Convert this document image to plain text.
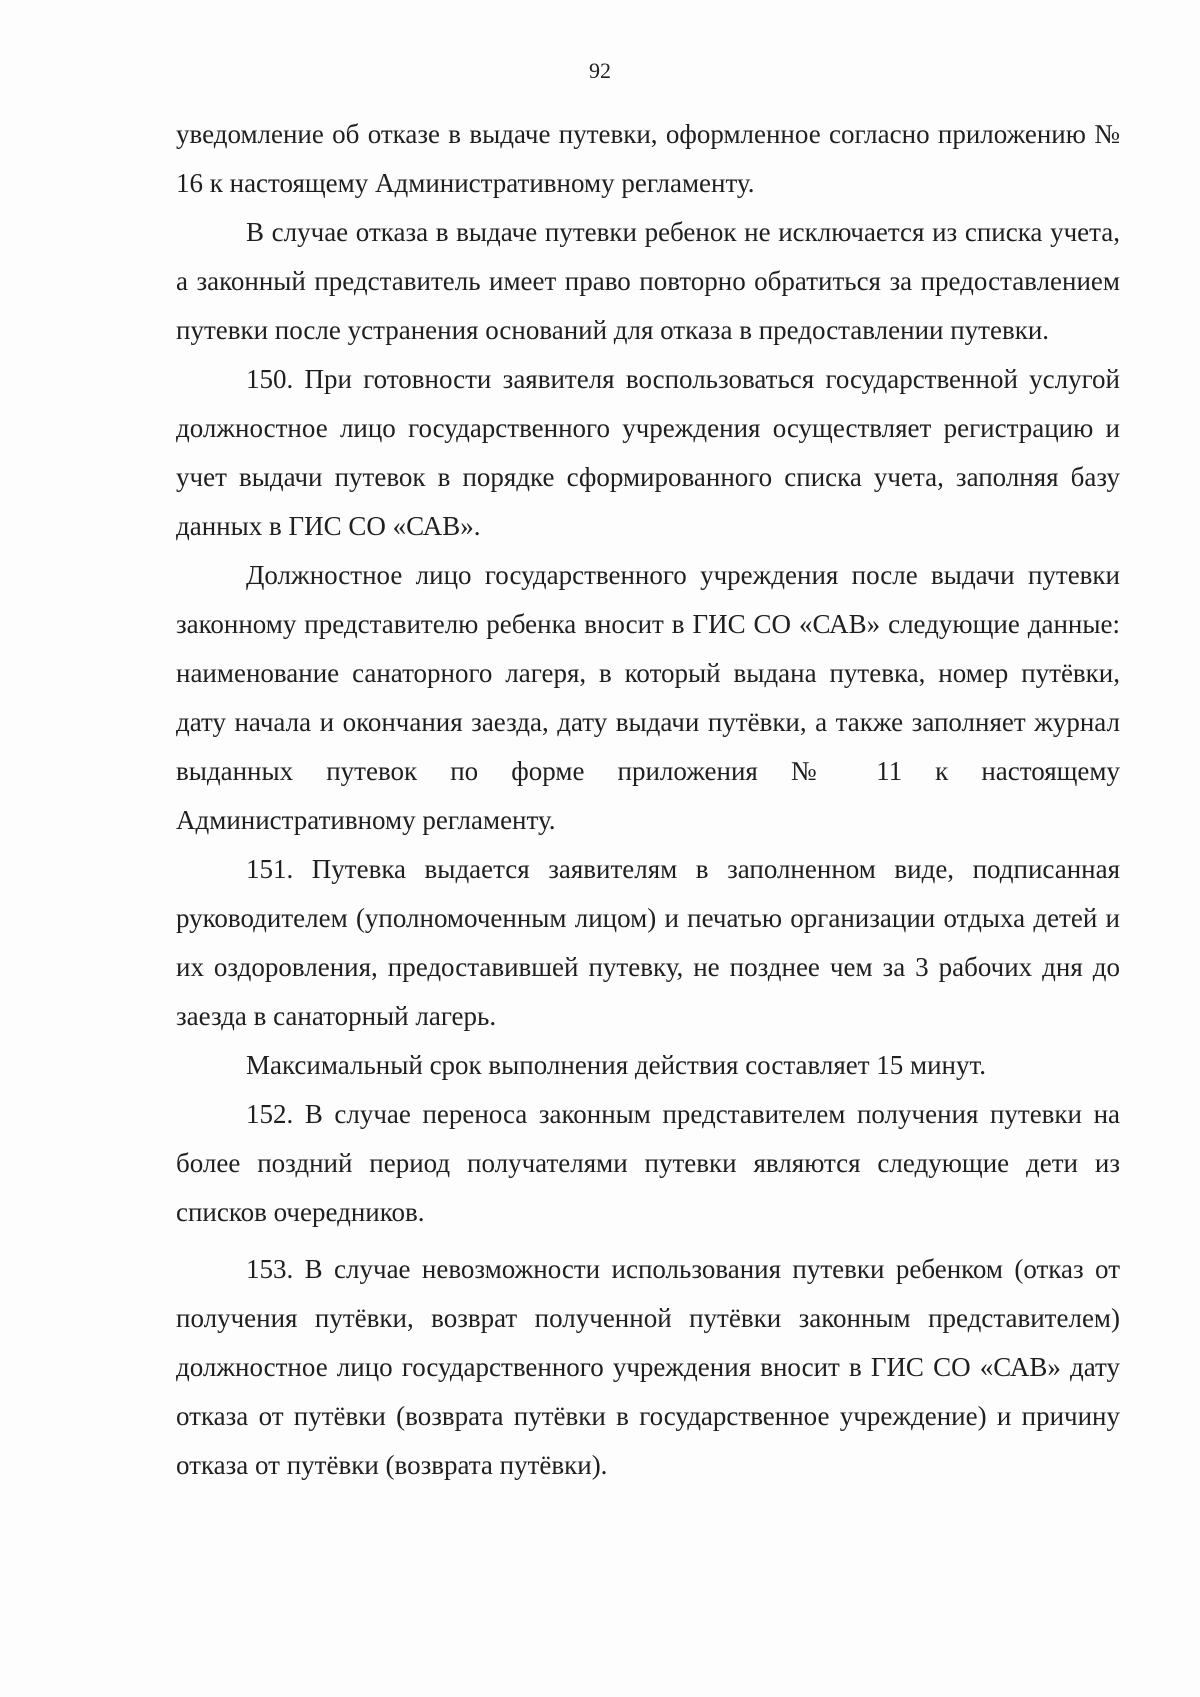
92

уведомление об отказе в выдаче путевки, оформленное согласно приложению № 16 к настоящему Административному регламенту.

В случае отказа в выдаче путевки ребенок не исключается из списка учета, а законный представитель имеет право повторно обратиться за предоставлением путевки после устранения оснований для отказа в предоставлении путевки.

150. При готовности заявителя воспользоваться государственной услугой должностное лицо государственного учреждения осуществляет регистрацию и учет выдачи путевок в порядке сформированного списка учета, заполняя базу данных в ГИС СО «САВ».

Должностное лицо государственного учреждения после выдачи путевки законному представителю ребенка вносит в ГИС СО «САВ» следующие данные: наименование санаторного лагеря, в который выдана путевка, номер путёвки, дату начала и окончания заезда, дату выдачи путёвки, а также заполняет журнал выданных путевок по форме приложения № 11 к настоящему Административному регламенту.

151. Путевка выдается заявителям в заполненном виде, подписанная руководителем (уполномоченным лицом) и печатью организации отдыха детей и их оздоровления, предоставившей путевку, не позднее чем за 3 рабочих дня до заезда в санаторный лагерь.

Максимальный срок выполнения действия составляет 15 минут.

152. В случае переноса законным представителем получения путевки на более поздний период получателями путевки являются следующие дети из списков очередников.

153. В случае невозможности использования путевки ребенком (отказ от получения путёвки, возврат полученной путёвки законным представителем) должностное лицо государственного учреждения вносит в ГИС СО «САВ» дату отказа от путёвки (возврата путёвки в государственное учреждение) и причину отказа от путёвки (возврата путёвки).
